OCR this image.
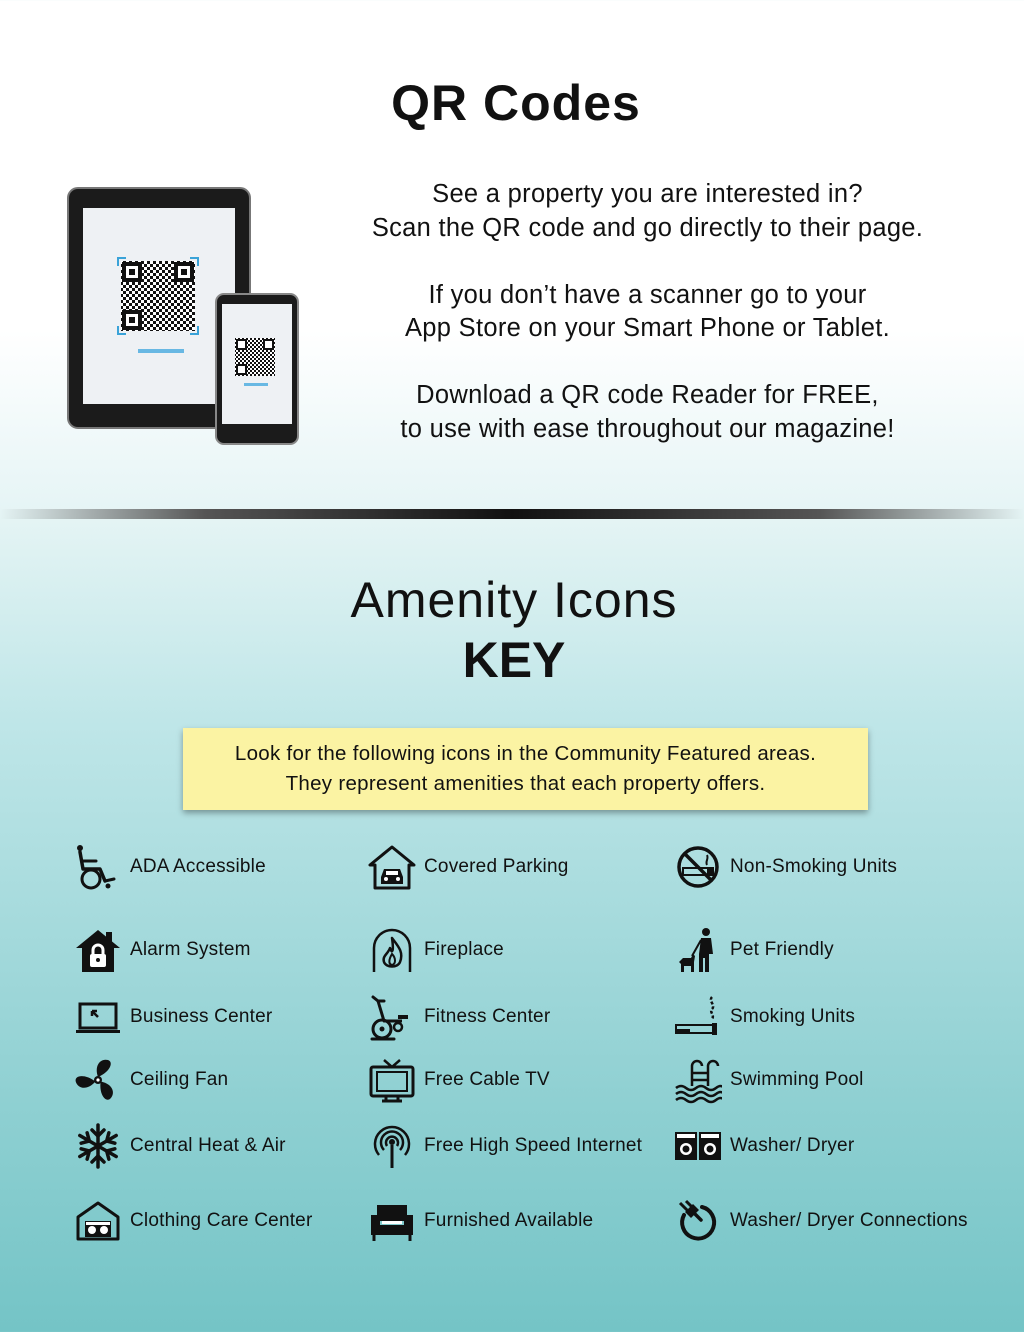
QR Codes

See a property you are interested in?
Scan the QR code and go directly to their page.

If you don’t have a scanner go to your
App Store on your Smart Phone or Tablet.

Download a QR code Reader for FREE,
to use with ease throughout our magazine!

Amenity Icons
KEY
Look for the following icons in the Community Featured areas.
They represent amenities that each property offers.
ADA Accessible
Alarm System
Business Center
Ceiling Fan
Central Heat & Air
Clothing Care Center
Covered Parking
Fireplace
Fitness Center
Free Cable TV
Free High Speed Internet
Furnished Available
Non-Smoking Units
Pet Friendly
Smoking Units
Swimming Pool
Washer/ Dryer
Washer/ Dryer Connections
